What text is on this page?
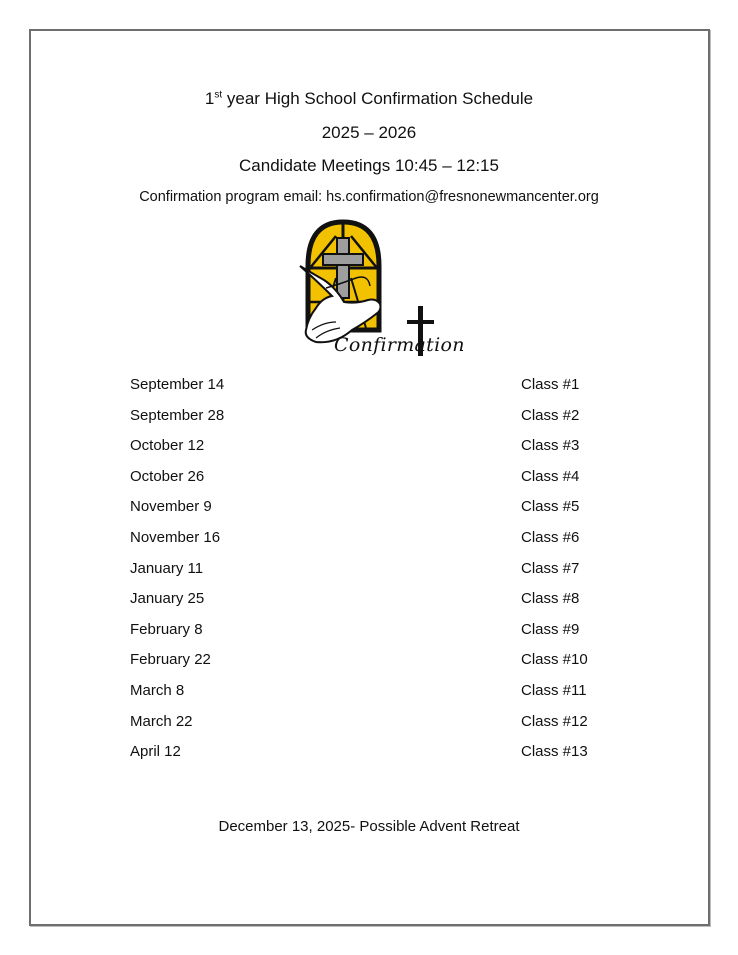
1st year High School Confirmation Schedule
2025 – 2026
Candidate Meetings 10:45 – 12:15
Confirmation program email: hs.confirmation@fresnonewmancenter.org
Confirmation
September 14	Class #1
September 28	Class #2
October 12	Class #3
October 26	Class #4
November 9	Class #5
November 16	Class #6
January 11	Class #7
January 25	Class #8
February 8	Class #9
February 22	Class #10
March 8	Class #11
March 22	Class #12
April 12	Class #13
December 13, 2025- Possible Advent Retreat
